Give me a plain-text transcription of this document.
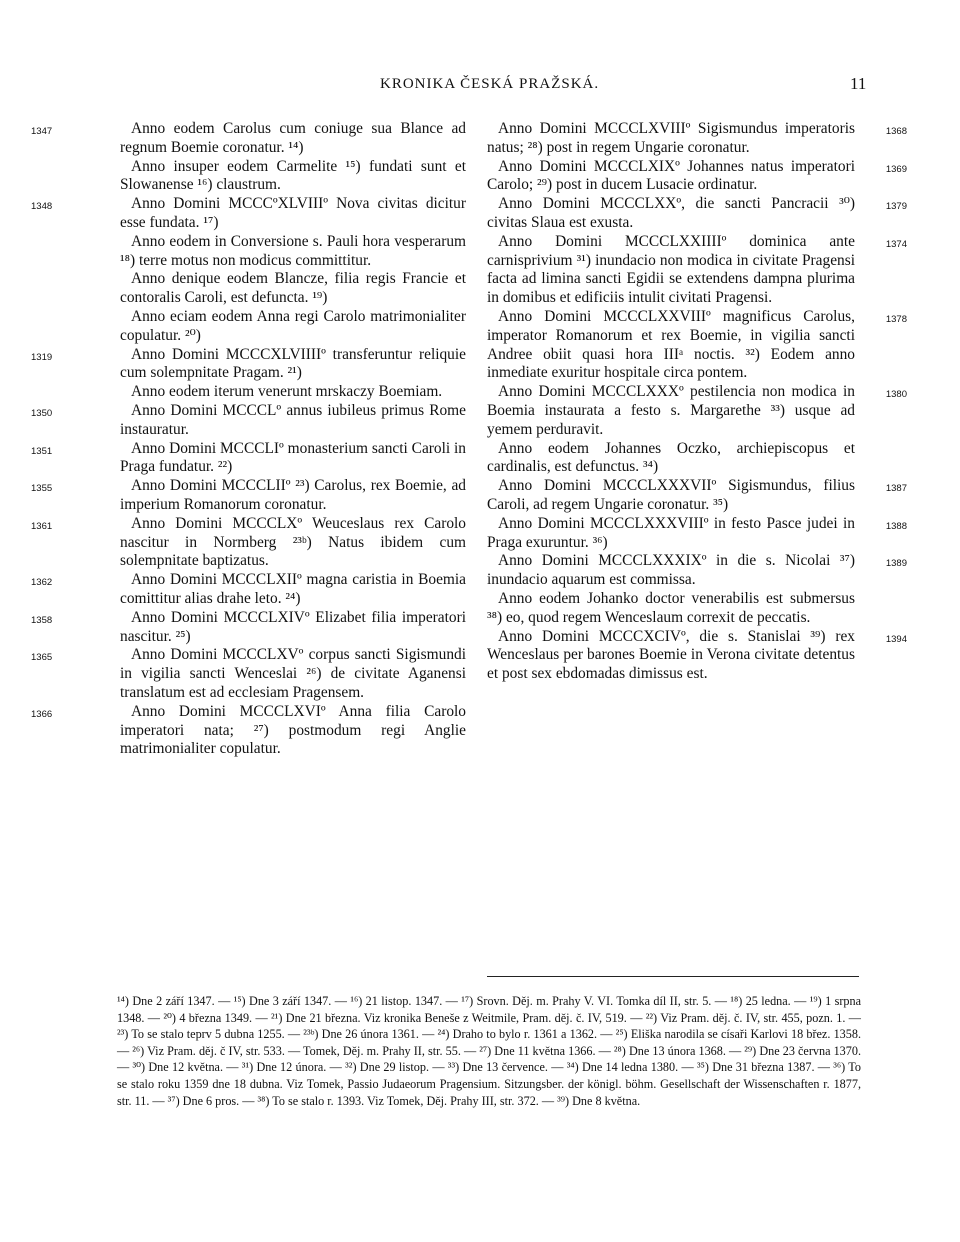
KRONIKA ČESKÁ PRAŽSKÁ.	11

1347	Anno eodem Carolus cum coniuge sua Blance ad regnum Boemie coronatur. ¹⁴)

Anno insuper eodem Carmelite ¹⁵) fundati sunt et Slowanense ¹⁶) claustrum.

1348	Anno Domini MCCCºXLVIIIº Nova civitas dicitur esse fundata. ¹⁷)

Anno eodem in Conversione s. Pauli hora vesperarum ¹⁸) terre motus non modicus committitur.

Anno denique eodem Blancze, filia regis Francie et contoralis Caroli, est defuncta. ¹⁹)

Anno eciam eodem Anna regi Carolo matrimonialiter copulatur. ²⁰)

1319	Anno Domini MCCCXLVIIIIº transferuntur reliquie cum solempnitate Pragam. ²¹)

Anno eodem iterum venerunt mrskaczy Boemiam.

1350	Anno Domini MCCCLº annus iubileus primus Rome instauratur.

1351	Anno Domini MCCCLIº monasterium sancti Caroli in Praga fundatur. ²²)

1355	Anno Domini MCCCLIIº ²³) Carolus, rex Boemie, ad imperium Romanorum coronatur.

1361	Anno Domini MCCCLXº Weuceslaus rex Carolo nascitur in Normberg ²³ᵇ) Natus ibidem cum solempnitate baptizatus.

1362	Anno Domini MCCCLXIIº magna caristia in Boemia comittitur alias drahe leto. ²⁴)

1358	Anno Domini MCCCLXIVº Elizabet filia imperatori nascitur. ²⁵)

1365	Anno Domini MCCCLXVº corpus sancti Sigismundi in vigilia sancti Wenceslai ²⁶) de civitate Aganensi translatum est ad ecclesiam Pragensem.

1366	Anno Domini MCCCLXVIº Anna filia Carolo imperatori nata; ²⁷) postmodum regi Anglie matrimonialiter copulatur.

1368
Anno Domini MCCCLXVIIIº Sigismundus imperatoris natus; ²⁸) post in regem Ungarie coronatur.

1369
Anno Domini MCCCLXIXº Johannes natus imperatori Carolo; ²⁹) post in ducem Lusacie ordinatur.

1379
Anno Domini MCCCLXXº, die sancti Pancracii ³⁰) civitas Slaua est exusta.

1374
Anno Domini MCCCLXXIIIIº dominica ante carnisprivium ³¹) inundacio non modica in civitate Pragensi facta ad limina sancti Egidii se extendens dampna plurima in domibus et edificiis intulit civitati Pragensi.

1378
Anno Domini MCCCLXXVIIIº magnificus Carolus, imperator Romanorum et rex Boemie, in vigilia sancti Andree obiit quasi hora IIIᵃ noctis. ³²) Eodem anno inmediate exuritur hospitale circa pontem.

1380
Anno Domini MCCCLXXXº pestilencia non modica in Boemia instaurata a festo s. Margarethe ³³) usque ad yemem perduravit.

Anno eodem Johannes Oczko, archiepiscopus et cardinalis, est defunctus. ³⁴)

1387
Anno Domini MCCCLXXXVIIº Sigismundus, filius Caroli, ad regem Ungarie coronatur. ³⁵)

1388
Anno Domini MCCCLXXXVIIIº in festo Pasce judei in Praga exuruntur. ³⁶)

1389
Anno Domini MCCCLXXXIXº in die s. Nicolai ³⁷) inundacio aquarum est commissa.

Anno eodem Johanko doctor venerabilis est submersus ³⁸) eo, quod regem Wenceslaum correxit de peccatis.

1394
Anno Domini MCCCXCIVº, die s. Stanislai ³⁹) rex Wenceslaus per barones Boemie in Verona civitate detentus et post sex ebdomadas dimissus est.

¹⁴) Dne 2 září 1347. — ¹⁵) Dne 3 září 1347. — ¹⁶) 21 listop. 1347. — ¹⁷) Srovn. Děj. m. Prahy V. VI. Tomka díl II, str. 5. — ¹⁸) 25 ledna. — ¹⁹) 1 srpna 1348. — ²⁰) 4 března 1349. — ²¹) Dne 21 března. Viz kronika Beneše z Weitmile, Pram. děj. č. IV, 519. — ²²) Viz Pram. děj. č. IV, str. 455, pozn. 1. — ²³) To se stalo teprv 5 dubna 1255. — ²³ᵇ) Dne 26 února 1361. — ²⁴) Draho to bylo r. 1361 a 1362. — ²⁵) Eliška narodila se císaři Karlovi 18 břez. 1358. — ²⁶) Viz Pram. děj. č IV, str. 533. — Tomek, Děj. m. Prahy II, str. 55. — ²⁷) Dne 11 května 1366. — ²⁸) Dne 13 února 1368. — ²⁹) Dne 23 června 1370. — ³⁰) Dne 12 května. — ³¹) Dne 12 února. — ³²) Dne 29 listop. — ³³) Dne 13 července. — ³⁴) Dne 14 ledna 1380. — ³⁵) Dne 31 března 1387. — ³⁶) To se stalo roku 1359 dne 18 dubna. Viz Tomek, Passio Judaeorum Pragensium. Sitzungsber. der königl. böhm. Gesellschaft der Wissenschaften r. 1877, str. 11. — ³⁷) Dne 6 pros. — ³⁸) To se stalo r. 1393. Viz Tomek, Děj. Prahy III, str. 372. — ³⁹) Dne 8 května.
